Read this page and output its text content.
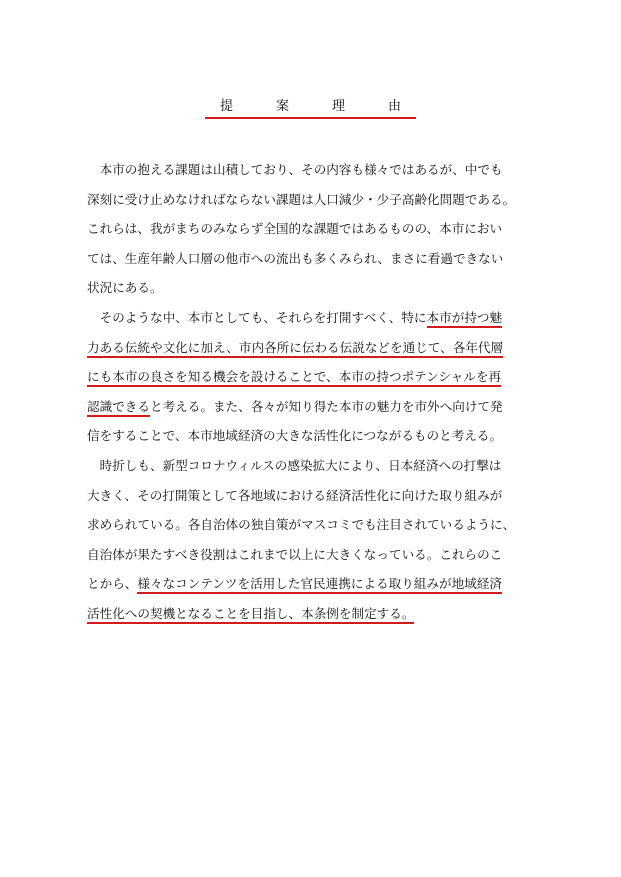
提　案　理　由
　本市の抱える課題は山積しており、その内容も様々ではあるが、中でも
深刻に受け止めなければならない課題は人口減少・少子高齢化問題である。
これらは、我がまちのみならず全国的な課題ではあるものの、本市におい
ては、生産年齢人口層の他市への流出も多くみられ、まさに看過できない
状況にある。
　そのような中、本市としても、それらを打開すべく、特に本市が持つ魅
力ある伝統や文化に加え、市内各所に伝わる伝説などを通じて、各年代層
にも本市の良さを知る機会を設けることで、本市の持つポテンシャルを再
認識できると考える。また、各々が知り得た本市の魅力を市外へ向けて発
信をすることで、本市地域経済の大きな活性化につながるものと考える。
　時折しも、新型コロナウィルスの感染拡大により、日本経済への打撃は
大きく、その打開策として各地域における経済活性化に向けた取り組みが
求められている。各自治体の独自策がマスコミでも注目されているように、
自治体が果たすべき役割はこれまで以上に大きくなっている。これらのこ
とから、様々なコンテンツを活用した官民連携による取り組みが地域経済
活性化への契機となることを目指し、本条例を制定する。
